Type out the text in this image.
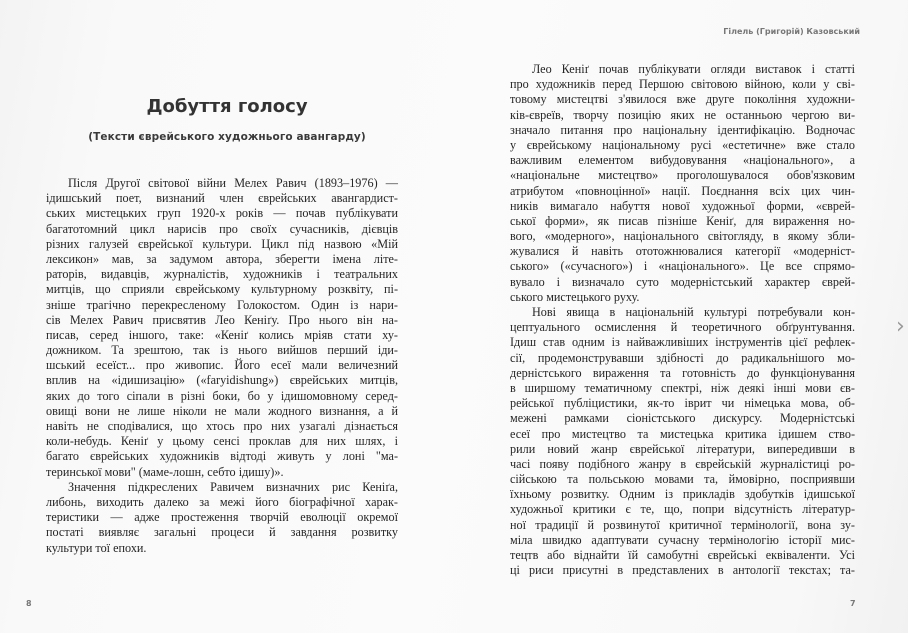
Добуття голосу
(Тексти єврейського художнього авангарду)
Після Другої світової війни Мелех Равич (1893–1976) —
ідишський поет, визнаний член єврейських авангардист-
ських мистецьких груп 1920-х років — почав публікувати
багатотомний цикл нарисів про своїх сучасників, дієвців
різних галузей єврейської культури. Цикл під назвою «Мій
лексикон» мав, за задумом автора, зберегти імена літе-
раторів, видавців, журналістів, художників і театральних
митців, що сприяли єврейському культурному розквіту, пі-
зніше трагічно перекресленому Голокостом. Один із нари-
сів Мелех Равич присвятив Лео Кеніґу. Про нього він на-
писав, серед іншого, таке: «Кеніґ колись мріяв стати ху-
дожником. Та зрештою, так із нього вийшов перший іди-
шський есеїст... про живопис. Його есеї мали величезний
вплив на «ідишизацію» («faryidishung») єврейських митців,
яких до того сіпали в різні боки, бо у ідишомовному серед-
овищі вони не лише ніколи не мали жодного визнання, а й
навіть не сподівалися, що хтось про них узагалі дізнається
коли-небудь. Кеніґ у цьому сенсі проклав для них шлях, і
багато єврейських художників відтоді живуть у лоні "ма-
теринської мови" (маме-лошн, себто ідишу)».
Значення підкреслених Равичем визначних рис Кеніґа,
либонь, виходить далеко за межі його біографічної харак-
теристики — адже простеження творчій еволюції окремої
постаті виявляє загальні процеси й завдання розвитку
культури тої епохи.
8
Гілель (Григорій) Казовський
Лео Кеніґ почав публікувати огляди виставок і статті
про художників перед Першою світовою війною, коли у сві-
товому мистецтві з'явилося вже друге покоління художни-
ків-євреїв, творчу позицію яких не останньою чергою ви-
значало питання про національну ідентифікацію. Водночас
у єврейському національному русі «естетичне» вже стало
важливим елементом вибудовування «національного», а
«національне мистецтво» проголошувалося обов'язковим
атрибутом «повноцінної» нації. Поєднання всіх цих чин-
ників вимагало набуття нової художньої форми, «єврей-
ської форми», як писав пізніше Кеніґ, для вираження но-
вого, «модерного», національного світогляду, в якому збли-
жувалися й навіть ототожнювалися категорії «модерніст-
ського» («сучасного») і «національного». Це все спрямо-
вувало і визначало суто модерністський характер єврей-
ського мистецького руху.
Нові явища в національній культурі потребували кон-
цептуального осмислення й теоретичного обґрунтування.
Ідиш став одним із найважливіших інструментів цієї рефлек-
сії, продемонструвавши здібності до радикальнішого мо-
дерністського вираження та готовність до функціонування
в ширшому тематичному спектрі, ніж деякі інші мови єв-
рейської публіцистики, як-то іврит чи німецька мова, об-
межені рамками сіоністського дискурсу. Модерністські
есеї про мистецтво та мистецька критика ідишем ство-
рили новий жанр єврейської літератури, випередивши в
часі появу подібного жанру в єврейській журналістиці ро-
сійською та польською мовами та, ймовірно, посприявши
їхньому розвитку. Одним із прикладів здобутків ідишської
художньої критики є те, що, попри відсутність літератур-
ної традиції й розвинутої критичної термінології, вона зу-
міла швидко адаптувати сучасну термінологію історії мис-
тецтв або віднайти їй самобутні єврейські еквіваленти. Усі
ці риси присутні в представлених в антології текстах; та-
7
›
